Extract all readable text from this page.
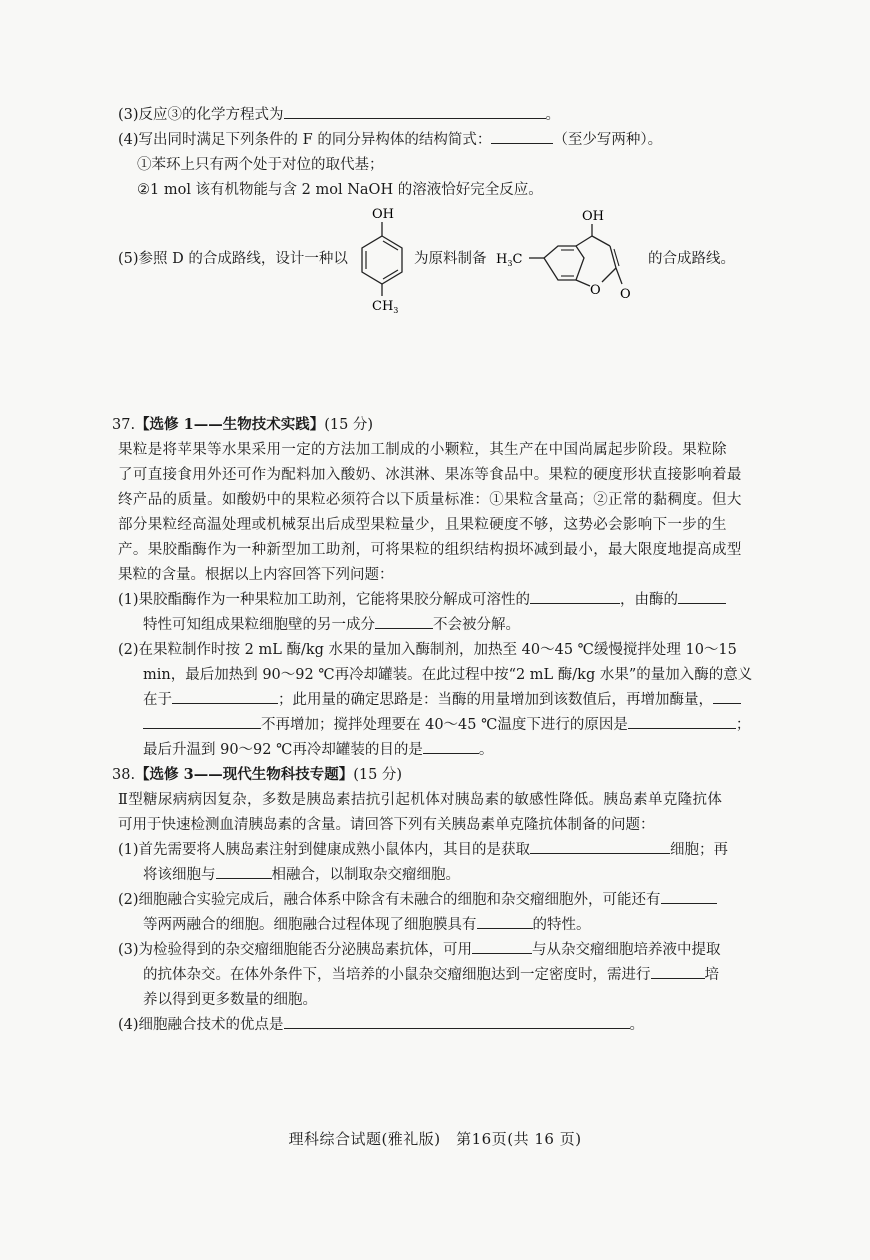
(3)反应③的化学方程式为	。
(4)写出同时满足下列条件的 F 的同分异构体的结构简式：	（至少写两种）。
①苯环上只有两个处于对位的取代基；
②1 mol 该有机物能与含 2 mol NaOH 的溶液恰好完全反应。
(5)参照 D 的合成路线，设计一种以
OH
$CH_3$
为原料制备 $H_3C$
O O
OH
的合成路线。
37.【选修 1——生物技术实践】(15 分)
果粒是将苹果等水果采用一定的方法加工制成的小颗粒，其生产在中国尚属起步阶段。果粒除
了可直接食用外还可作为配料加入酸奶、冰淇淋、果冻等食品中。果粒的硬度形状直接影响着最
终产品的质量。如酸奶中的果粒必须符合以下质量标准：①果粒含量高；②正常的黏稠度。但大
部分果粒经高温处理或机械泵出后成型果粒量少，且果粒硬度不够，这势必会影响下一步的生
产。果胶酯酶作为一种新型加工助剂，可将果粒的组织结构损坏减到最小，最大限度地提高成型
果粒的含量。根据以上内容回答下列问题：
(1)果胶酯酶作为一种果粒加工助剂，它能将果胶分解成可溶性的	，由酶的
特性可知组成果粒细胞壁的另一成分	不会被分解。
(2)在果粒制作时按 2 mL 酶/kg 水果的量加入酶制剂，加热至 40～45 ℃缓慢搅拌处理 10～15
min，最后加热到 90～92 ℃再冷却罐装。在此过程中按“2 mL 酶/kg 水果”的量加入酶的意义
在于	；此用量的确定思路是：当酶的用量增加到该数值后，再增加酶量，
不再增加；搅拌处理要在 40～45 ℃温度下进行的原因是	；
最后升温到 90～92 ℃再冷却罐装的目的是	。
38.【选修 3——现代生物科技专题】(15 分)
Ⅱ型糖尿病病因复杂，多数是胰岛素拮抗引起机体对胰岛素的敏感性降低。胰岛素单克隆抗体
可用于快速检测血清胰岛素的含量。请回答下列有关胰岛素单克隆抗体制备的问题：
(1)首先需要将人胰岛素注射到健康成熟小鼠体内，其目的是获取	细胞；再
将该细胞与	相融合，以制取杂交瘤细胞。
(2)细胞融合实验完成后，融合体系中除含有未融合的细胞和杂交瘤细胞外，可能还有
等两两融合的细胞。细胞融合过程体现了细胞膜具有	的特性。
(3)为检验得到的杂交瘤细胞能否分泌胰岛素抗体，可用	与从杂交瘤细胞培养液中提取
的抗体杂交。在体外条件下，当培养的小鼠杂交瘤细胞达到一定密度时，需进行	培
养以得到更多数量的细胞。
(4)细胞融合技术的优点是	。
理科综合试题(雅礼版)　第16页(共 16 页)
